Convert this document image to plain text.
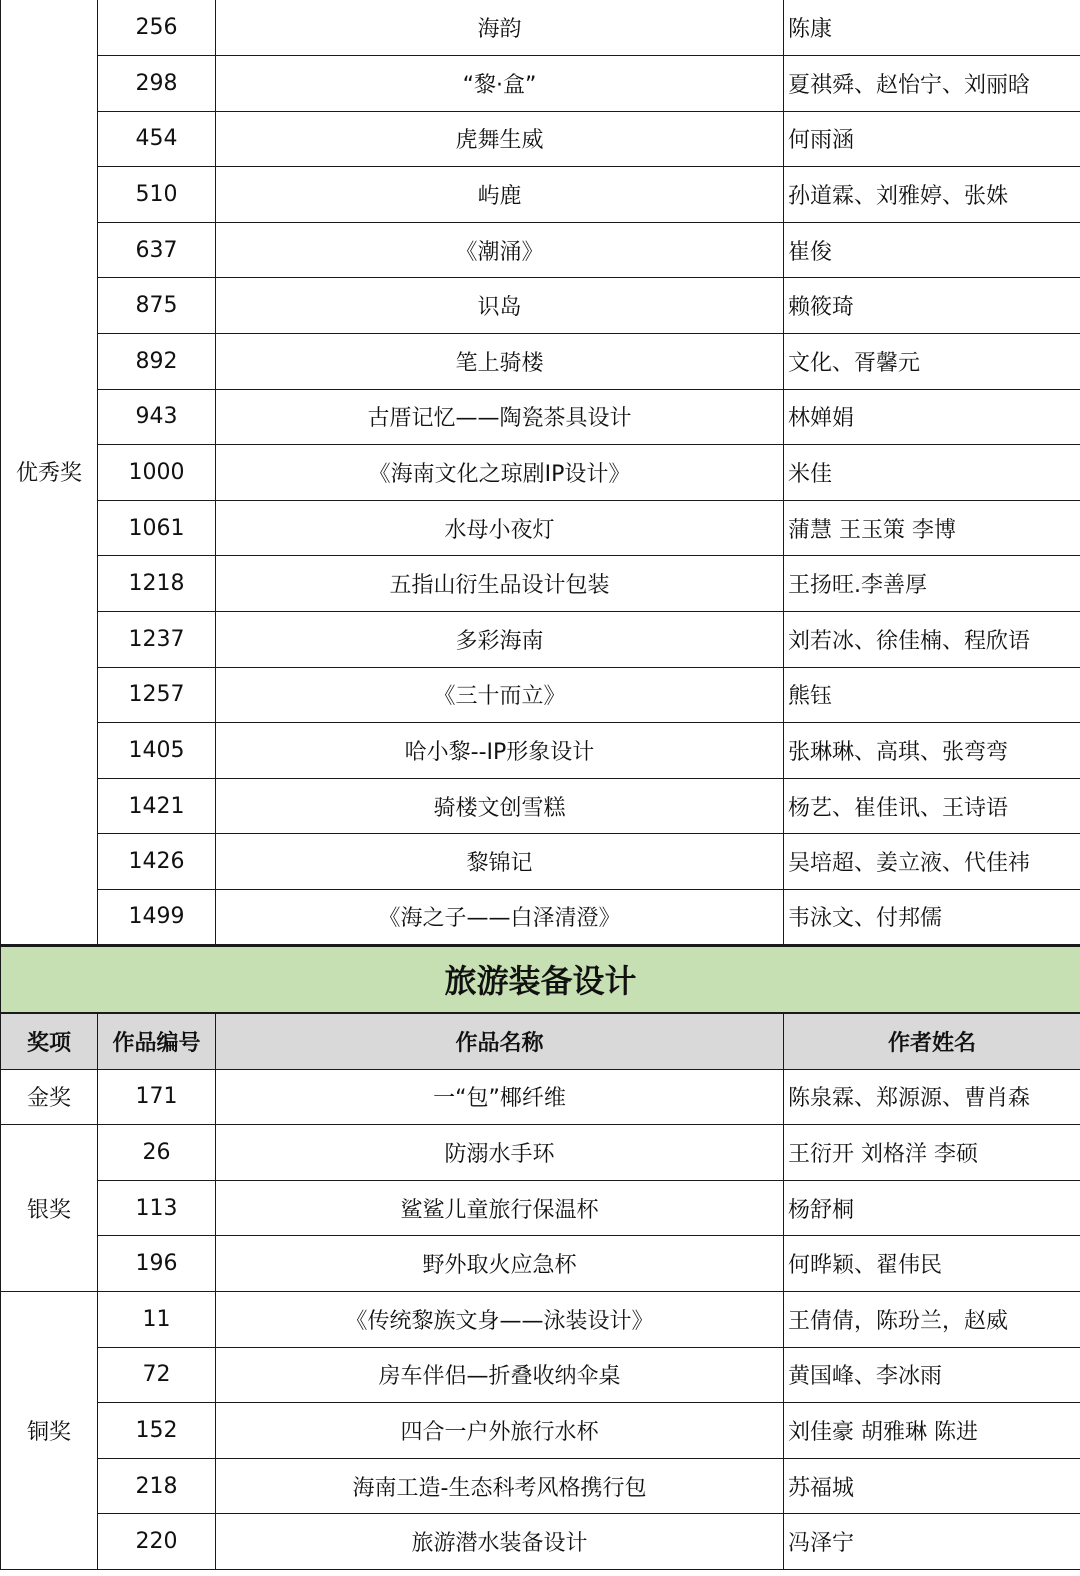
优秀奖	256	海韵	陈康
	298	“黎·盒”	夏祺舜、赵怡宁、刘丽晗
	454	虎舞生威	何雨涵
	510	屿鹿	孙道霖、刘雅婷、张姝
	637	《潮涌》	崔俊
	875	识岛	赖筱琦
	892	笔上骑楼	文化、胥馨元
	943	古厝记忆——陶瓷茶具设计	林婵娟
	1000	《海南文化之琼剧IP设计》	米佳
	1061	水母小夜灯	蒲慧 王玉策 李博
	1218	五指山衍生品设计包装	王扬旺.李善厚
	1237	多彩海南	刘若冰、徐佳楠、程欣语
	1257	《三十而立》	熊钰
	1405	哈小黎--IP形象设计	张琳琳、高琪、张弯弯
	1421	骑楼文创雪糕	杨艺、崔佳讯、王诗语
	1426	黎锦记	吴培超、姜立液、代佳祎
	1499	《海之子——白泽清澄》	韦泳文、付邦儒
旅游装备设计			
奖项	作品编号	作品名称	作者姓名
金奖	171	一“包”椰纤维	陈泉霖、郑源源、曹肖森
银奖	26	防溺水手环	王衍开 刘格洋 李硕
	113	鲨鲨儿童旅行保温杯	杨舒桐
	196	野外取火应急杯	何晔颖、翟伟民
铜奖	11	《传统黎族文身——泳装设计》	王倩倩，陈玢兰，赵威
	72	房车伴侣—折叠收纳伞桌	黄国峰、李冰雨
	152	四合一户外旅行水杯	刘佳豪 胡雅琳 陈进
	218	海南工造-生态科考风格携行包	苏福城
	220	旅游潜水装备设计	冯泽宁
